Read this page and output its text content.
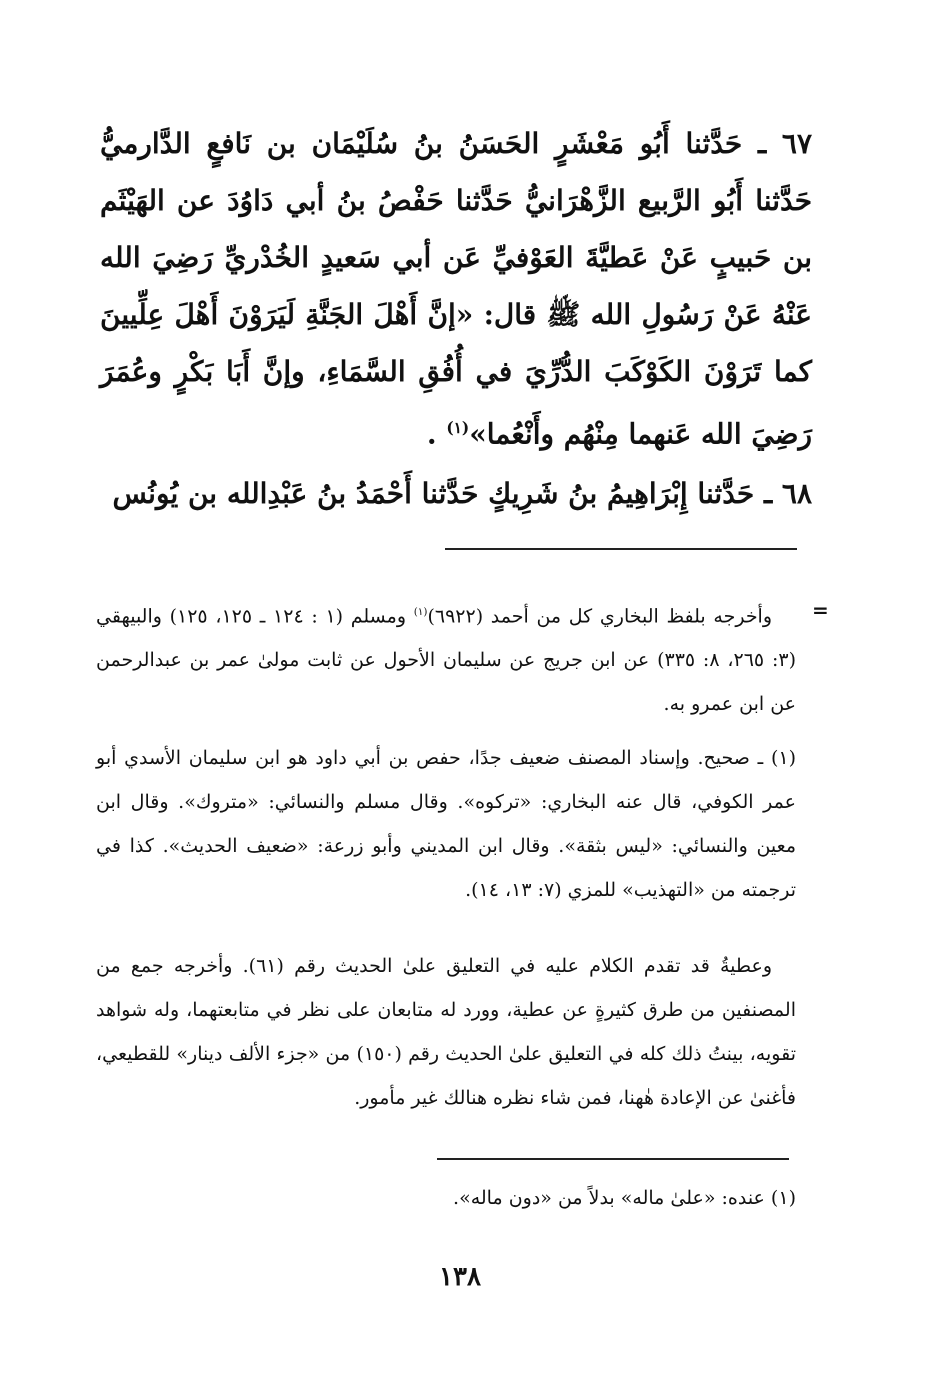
٦٧ ـ حَدَّثنا أَبُو مَعْشَرٍ الحَسَنُ بنُ سُلَيْمَان بن نَافعٍ الدَّارميُّ حَدَّثنا أَبُو الرَّبيع الزَّهْرَانيُّ حَدَّثنا حَفْصُ بنُ أبي دَاوُدَ عن الهَيْثَم بن حَبيبٍ عَنْ عَطيَّةَ العَوْفيِّ عَن أبي سَعيدٍ الخُدْريِّ رَضِيَ الله عَنْهُ عَنْ رَسُولِ الله ﷺ قال: «إنَّ أَهْلَ الجَنَّةِ لَيَرَوْنَ أَهْلَ عِلِّيينَ كما تَرَوْنَ الكَوْكَبَ الدُّرِّيَ في أُفُقِ السَّمَاءِ، وإنَّ أَبَا بَكْرٍ وعُمَرَ رَضِيَ الله عَنهما مِنْهُم وأَنْعُما»$^{(١)}$ .
٦٨ ـ حَدَّثنا إِبْرَاهِيمُ بنُ شَرِيكٍ حَدَّثنا أَحْمَدُ بنُ عَبْدِالله بن يُونُس
=
وأخرجه بلفظ البخاري كل من أحمد (٦٩٢٢)$^{(١)}$ ومسلم (١ : ١٢٤ ـ ١٢٥، ١٢٥) والبيهقي (٣: ٢٦٥، ٨: ٣٣٥) عن ابن جريج عن سليمان الأحول عن ثابت مولىٰ عمر بن عبدالرحمن عن ابن عمرو به.
(١) ـ صحيح. وإسناد المصنف ضعيف جدًا، حفص بن أبي داود هو ابن سليمان الأسدي أبو عمر الكوفي، قال عنه البخاري: «تركوه». وقال مسلم والنسائي: «متروك». وقال ابن معين والنسائي: «ليس بثقة». وقال ابن المديني وأبو زرعة: «ضعيف الحديث». كذا في ترجمته من «التهذيب» للمزي (٧: ١٣، ١٤).
وعطيةُ قد تقدم الكلام عليه في التعليق علىٰ الحديث رقم (٦١). وأخرجه جمع من المصنفين من طرق كثيرةٍ عن عطية، وورد له متابعان على نظر في متابعتهما، وله شواهد تقويه، بينتُ ذلك كله في التعليق علىٰ الحديث رقم (١٥٠) من «جزء الألف دينار» للقطيعي، فأغنىٰ عن الإعادة هٰهنا، فمن شاء نظره هنالك غير مأمور.
(١) عنده: «علىٰ ماله» بدلاً من «دون ماله».
١٣٨
